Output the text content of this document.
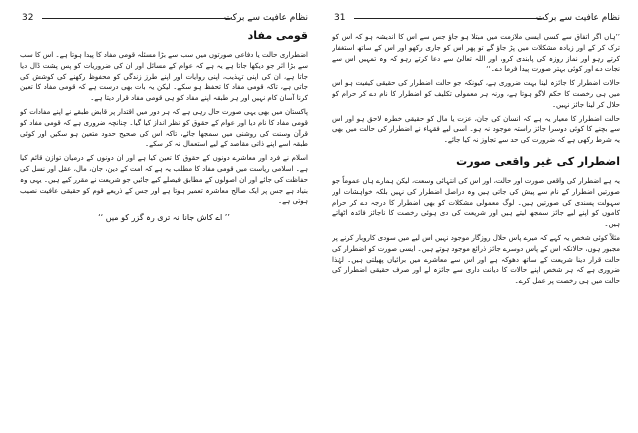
نظام عافیت سے برکت
32
قومی مفاد

اضطراری حالت یا دفاعی صورتوں میں سب سے بڑا مسئلہ قومی مفاد کا پیدا ہوتا ہے۔ اس کا سب سے بڑا اثر جو دیکھا جاتا ہے یہ ہے کہ عوام کے مسائل اور ان کی ضروریات کو پس پشت ڈال دیا جاتا ہے، ان کی اپنی تہذیب، اپنی روایات اور اپنے طرز زندگی کو محفوظ رکھنے کی کوشش کی جاتی ہے، تاکہ قومی مفاد کا تحفظ ہو سکے۔ لیکن یہ بات بھی درست ہے کہ قومی مفاد کا تعین کرنا آسان کام نہیں اور ہر طبقہ اپنے مفاد کو ہی قومی مفاد قرار دیتا ہے۔

پاکستان میں بھی یہی صورت حال رہی ہے کہ ہر دور میں اقتدار پر قابض طبقے نے اپنے مفادات کو قومی مفاد کا نام دیا اور عوام کے حقوق کو نظر انداز کیا گیا۔ چنانچہ ضروری ہے کہ قومی مفاد کو قرآن وسنت کی روشنی میں سمجھا جائے، تاکہ اس کی صحیح حدود متعین ہو سکیں اور کوئی طبقہ اسے اپنے ذاتی مقاصد کے لیے استعمال نہ کر سکے۔

اسلام نے فرد اور معاشرے دونوں کے حقوق کا تعین کیا ہے اور ان دونوں کے درمیان توازن قائم کیا ہے۔ اسلامی ریاست میں قومی مفاد کا مطلب یہ ہے کہ امت کے دین، جان، مال، عقل اور نسل کی حفاظت کی جائے اور ان اصولوں کے مطابق فیصلے کیے جائیں جو شریعت نے مقرر کیے ہیں۔ یہی وہ بنیاد ہے جس پر ایک صالح معاشرہ تعمیر ہوتا ہے اور جس کے ذریعے قوم کو حقیقی عافیت نصیب ہوتی ہے۔

’’ اے کاش جانا نہ تری رہ گزر کو میں ‘‘
نظام عافیت سے برکت
31

’’ہاں اگر اتفاق سے کسی ایسی ملازمت میں مبتلا ہو جاؤ جس سے اس کا اندیشہ ہو کہ اس کو ترک کر کے اور زیادہ مشکلات میں پڑ جاؤ گے تو پھر اس کو جاری رکھو اور اس کے ساتھ استغفار کرتے رہو اور نماز روزہ کی پابندی کرو، اور اللہ تعالیٰ سے دعا کرتے رہو کہ وہ تمہیں اس سے نجات دے اور کوئی بہتر صورت پیدا فرما دے۔‘‘

حالات اضطرار کا جائزہ لینا بہت ضروری ہے، کیونکہ جو حالت اضطرار کی حقیقی کیفیت ہو اس میں ہی رخصت کا حکم لاگو ہوتا ہے، ورنہ ہر معمولی تکلیف کو اضطرار کا نام دے کر حرام کو حلال کر لینا جائز نہیں۔

حالت اضطرار کا معیار یہ ہے کہ انسان کی جان، عزت یا مال کو حقیقی خطرہ لاحق ہو اور اس سے بچنے کا کوئی دوسرا جائز راستہ موجود نہ ہو۔ اسی لیے فقہاء نے اضطرار کی حالت میں بھی یہ شرط رکھی ہے کہ ضرورت کی حد سے تجاوز نہ کیا جائے۔

اضطرار کی غیر واقعی صورت

یہ ہے اضطرار کی واقعی صورت اور حالت، اور اس کی انتہائی وسعت، لیکن ہمارے ہاں عموماً جو صورتیں اضطرار کے نام سے پیش کی جاتی ہیں وہ دراصل اضطرار کی نہیں بلکہ خواہشات اور سہولت پسندی کی صورتیں ہیں۔ لوگ معمولی مشکلات کو بھی اضطرار کا درجہ دے کر حرام کاموں کو اپنے لیے جائز سمجھ لیتے ہیں اور شریعت کی دی ہوئی رخصت کا ناجائز فائدہ اٹھاتے ہیں۔

مثلاً کوئی شخص یہ کہے کہ میرے پاس حلال روزگار موجود نہیں اس لیے میں سودی کاروبار کرنے پر مجبور ہوں، حالانکہ اس کے پاس دوسرے جائز ذرائع موجود ہوتے ہیں۔ ایسی صورت کو اضطرار کی حالت قرار دینا شریعت کے ساتھ دھوکہ ہے اور اس سے معاشرے میں برائیاں پھیلتی ہیں۔ لہٰذا ضروری ہے کہ ہر شخص اپنے حالات کا دیانت داری سے جائزہ لے اور صرف حقیقی اضطرار کی حالت میں ہی رخصت پر عمل کرے۔
